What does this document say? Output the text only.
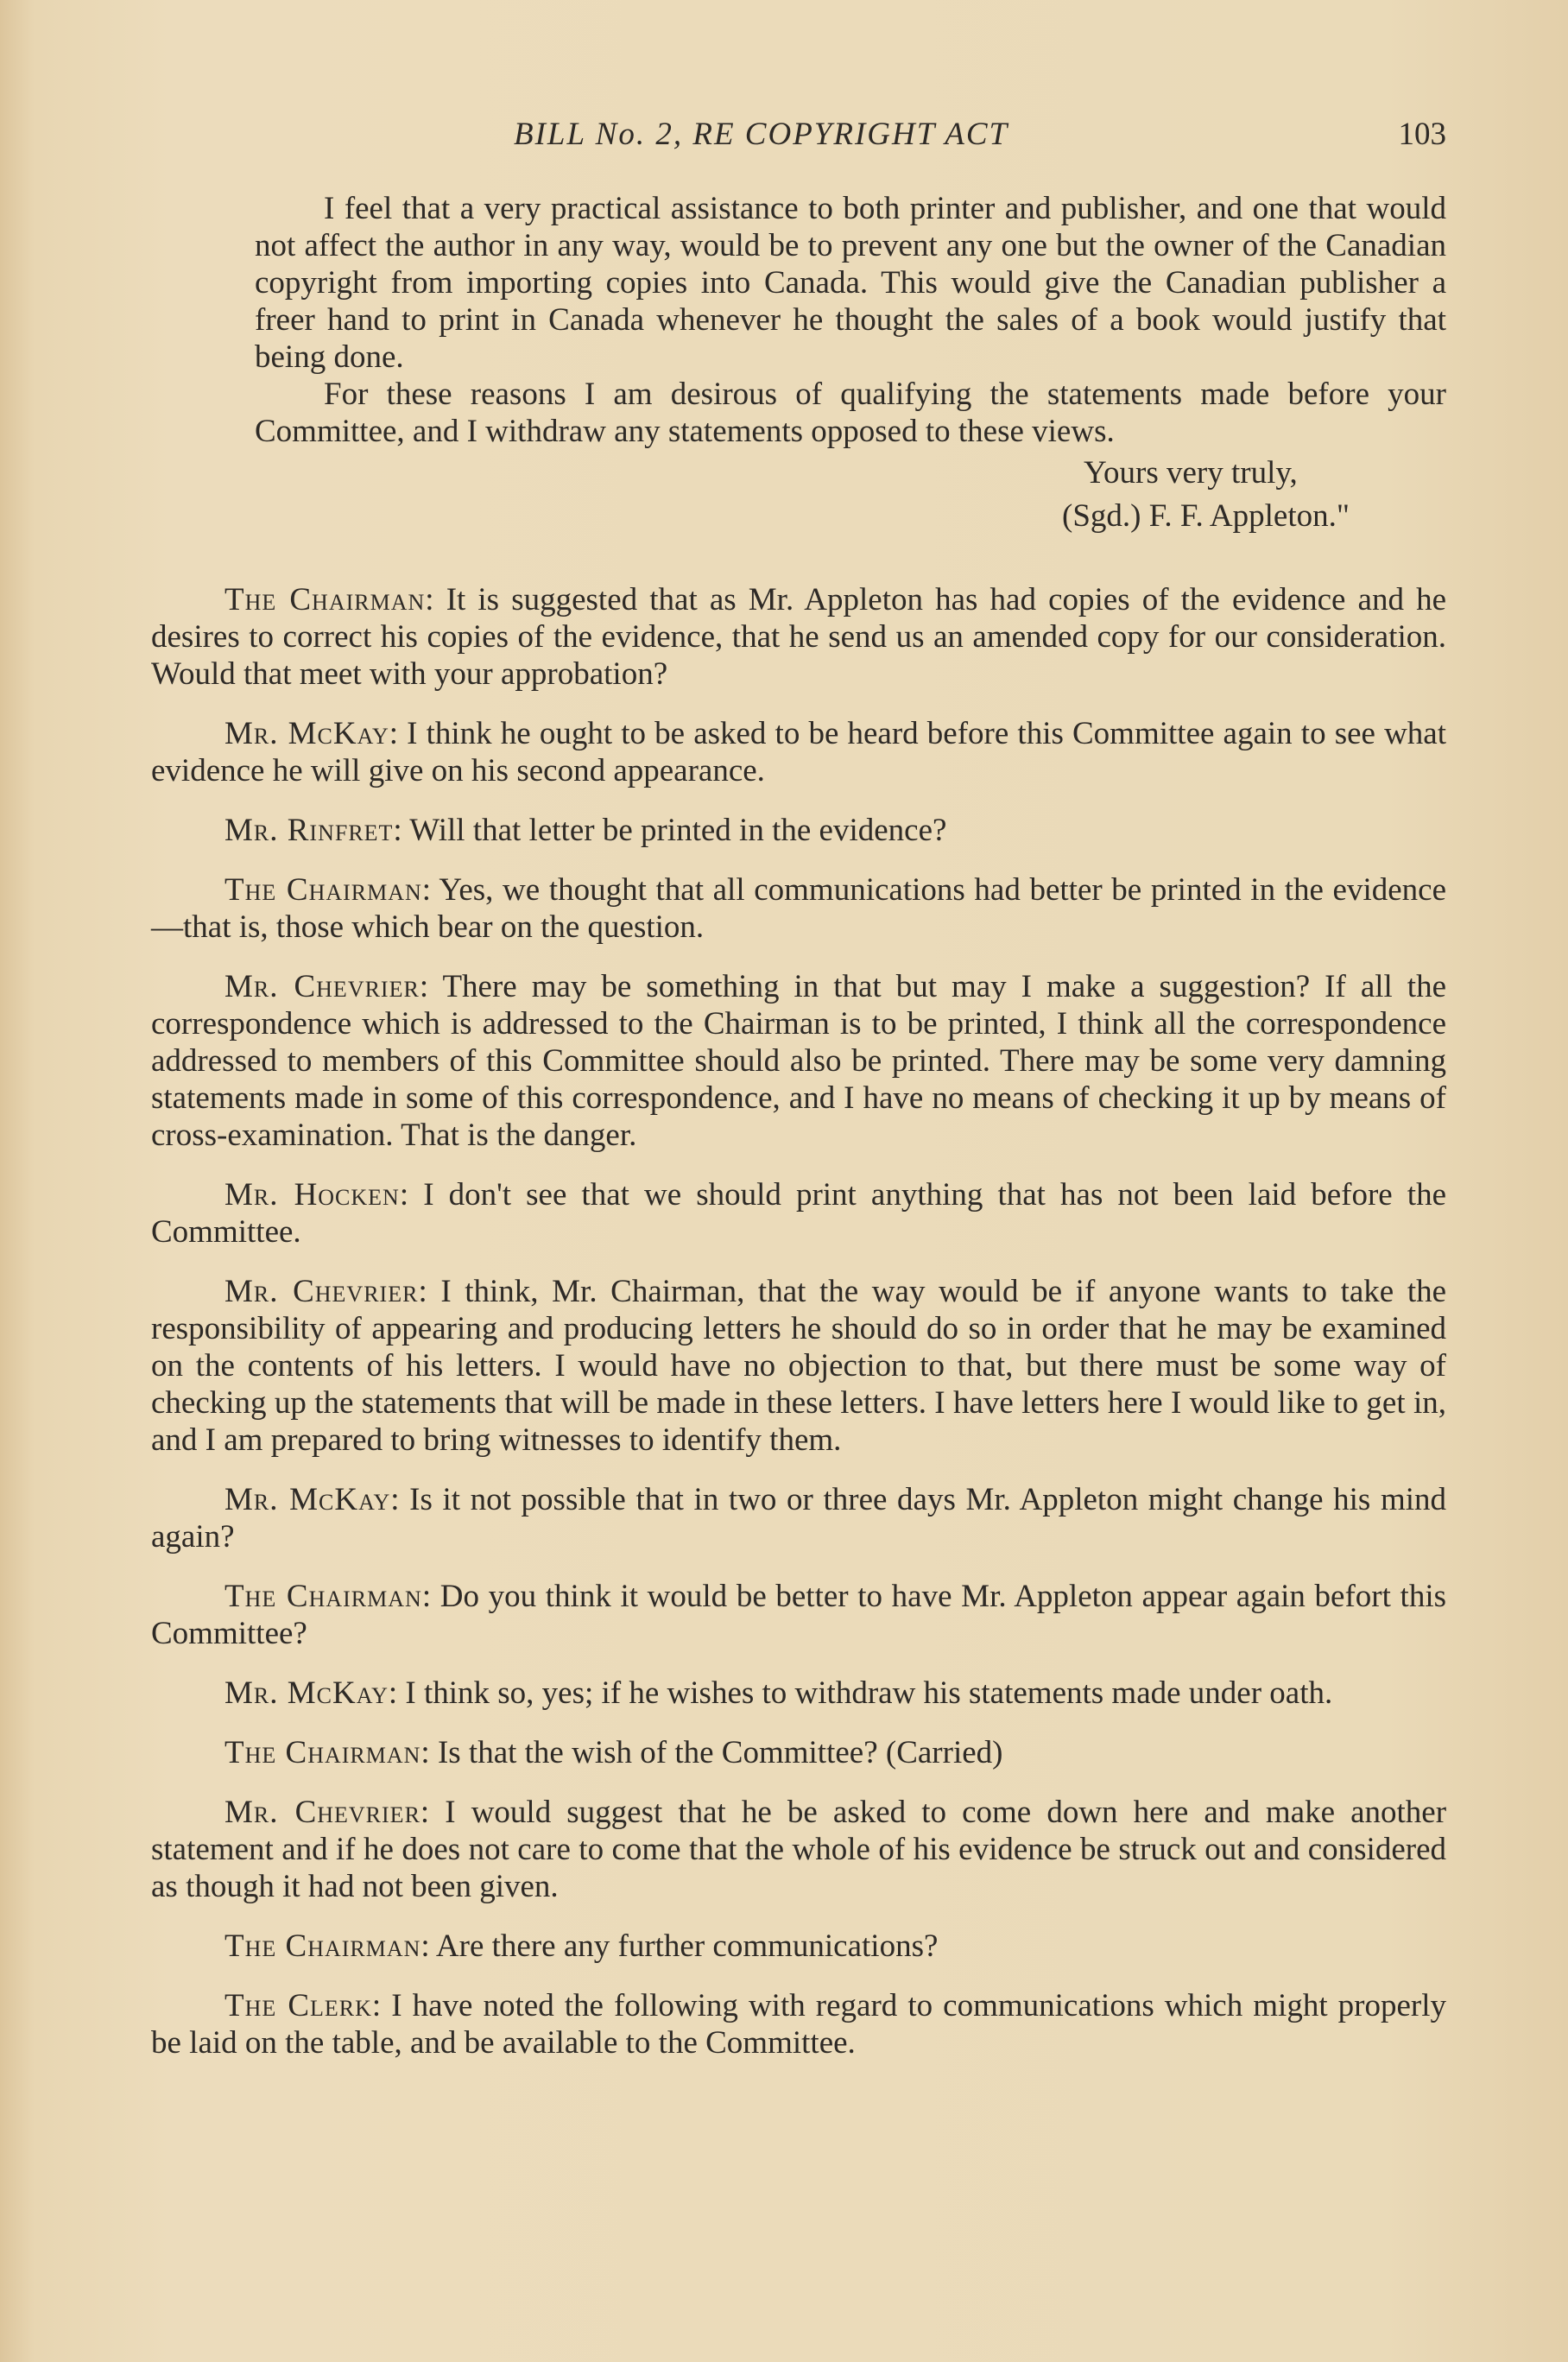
BILL No. 2, RE COPYRIGHT ACT	103

I feel that a very practical assistance to both printer and publisher, and one that would not affect the author in any way, would be to prevent any one but the owner of the Canadian copyright from importing copies into Canada. This would give the Canadian publisher a freer hand to print in Canada whenever he thought the sales of a book would justify that being done.

For these reasons I am desirous of qualifying the statements made before your Committee, and I withdraw any statements opposed to these views.

Yours very truly,
(Sgd.) F. F. Appleton."

The Chairman: It is suggested that as Mr. Appleton has had copies of the evidence and he desires to correct his copies of the evidence, that he send us an amended copy for our consideration. Would that meet with your approbation?

Mr. McKay: I think he ought to be asked to be heard before this Committee again to see what evidence he will give on his second appearance.

Mr. Rinfret: Will that letter be printed in the evidence?

The Chairman: Yes, we thought that all communications had better be printed in the evidence—that is, those which bear on the question.

Mr. Chevrier: There may be something in that but may I make a suggestion? If all the correspondence which is addressed to the Chairman is to be printed, I think all the correspondence addressed to members of this Committee should also be printed. There may be some very damning statements made in some of this correspondence, and I have no means of checking it up by means of cross-examination. That is the danger.

Mr. Hocken: I don't see that we should print anything that has not been laid before the Committee.

Mr. Chevrier: I think, Mr. Chairman, that the way would be if anyone wants to take the responsibility of appearing and producing letters he should do so in order that he may be examined on the contents of his letters. I would have no objection to that, but there must be some way of checking up the statements that will be made in these letters. I have letters here I would like to get in, and I am prepared to bring witnesses to identify them.

Mr. McKay: Is it not possible that in two or three days Mr. Appleton might change his mind again?

The Chairman: Do you think it would be better to have Mr. Appleton appear again befort this Committee?

Mr. McKay: I think so, yes; if he wishes to withdraw his statements made under oath.

The Chairman: Is that the wish of the Committee? (Carried)

Mr. Chevrier: I would suggest that he be asked to come down here and make another statement and if he does not care to come that the whole of his evidence be struck out and considered as though it had not been given.

The Chairman: Are there any further communications?

The Clerk: I have noted the following with regard to communications which might properly be laid on the table, and be available to the Committee.
